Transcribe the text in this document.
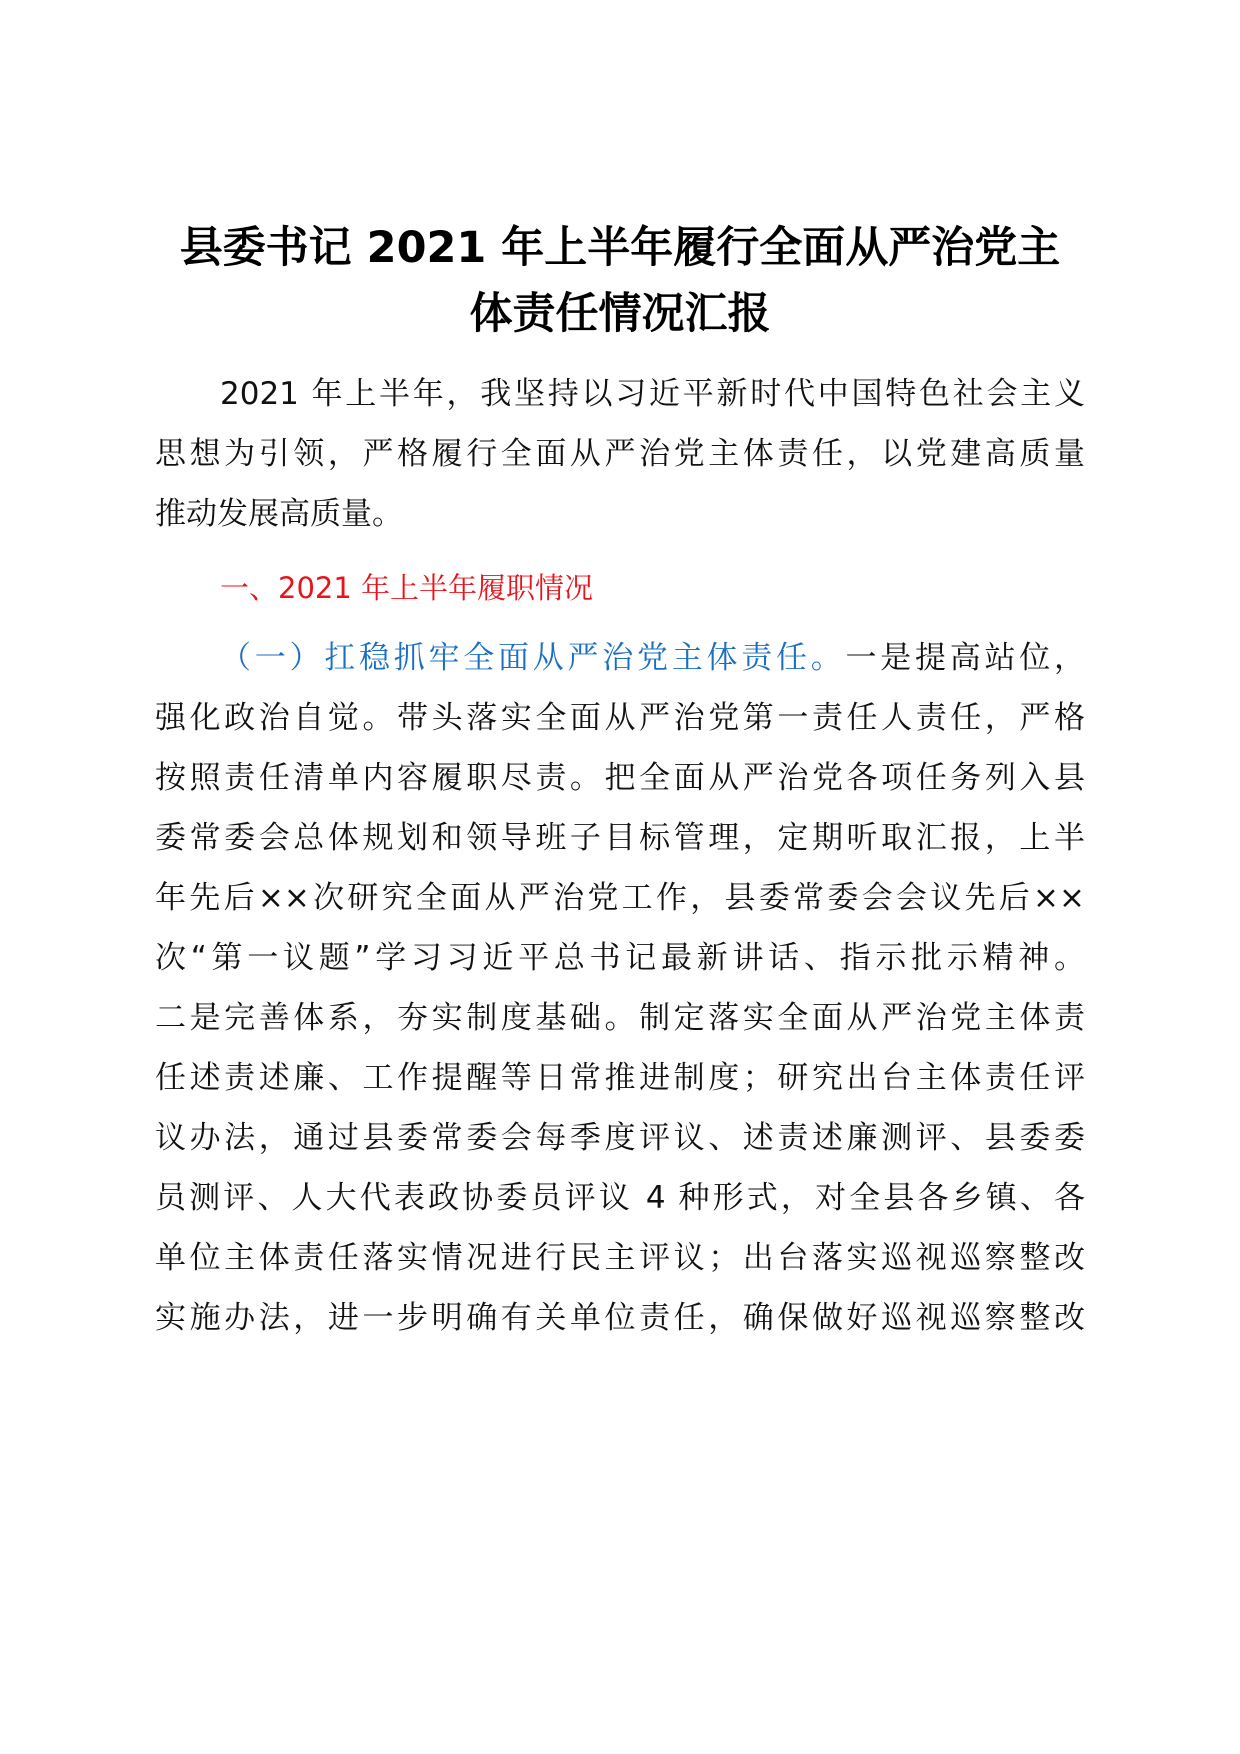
县委书记 2021 年上半年履行全面从严治党主
体责任情况汇报
2021 年上半年，我坚持以习近平新时代中国特色社会主义
思想为引领，严格履行全面从严治党主体责任，以党建高质量
推动发展高质量。
一、2021 年上半年履职情况
（一）扛稳抓牢全面从严治党主体责任。一是提高站位，
强化政治自觉。带头落实全面从严治党第一责任人责任，严格
按照责任清单内容履职尽责。把全面从严治党各项任务列入县
委常委会总体规划和领导班子目标管理，定期听取汇报，上半
年先后××次研究全面从严治党工作，县委常委会会议先后××
次“第一议题”学习习近平总书记最新讲话、指示批示精神。
二是完善体系，夯实制度基础。制定落实全面从严治党主体责
任述责述廉、工作提醒等日常推进制度；研究出台主体责任评
议办法，通过县委常委会每季度评议、述责述廉测评、县委委
员测评、人大代表政协委员评议 4 种形式，对全县各乡镇、各
单位主体责任落实情况进行民主评议；出台落实巡视巡察整改
实施办法，进一步明确有关单位责任，确保做好巡视巡察整改
